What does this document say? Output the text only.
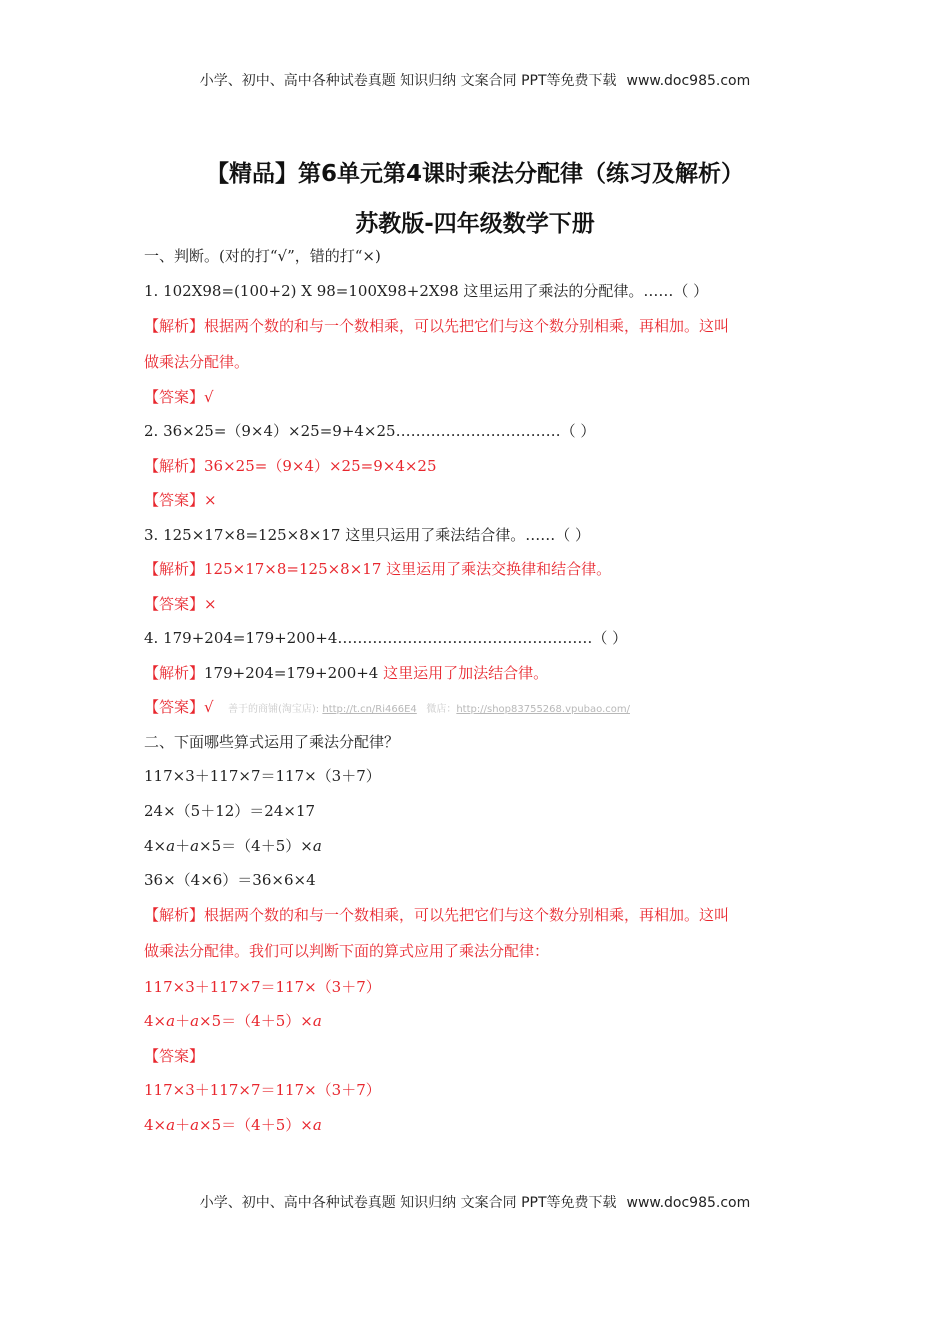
小学、初中、高中各种试卷真题 知识归纳 文案合同 PPT等免费下载 www.doc985.com
【精品】第6单元第4课时乘法分配律（练习及解析）
苏教版-四年级数学下册
一、判断。(对的打“√”，错的打“×)
1. 102X98=(100+2) X 98=100X98+2X98 这里运用了乘法的分配律。……（ ）
【解析】根据两个数的和与一个数相乘，可以先把它们与这个数分别相乘，再相加。这叫
做乘法分配律。
【答案】√
2. 36×25=（9×4）×25=9+4×25……………………………（ ）
【解析】36×25=（9×4）×25=9×4×25
【答案】×
3. 125×17×8=125×8×17 这里只运用了乘法结合律。……（ ）
【解析】125×17×8=125×8×17 这里运用了乘法交换律和结合律。
【答案】×
4. 179+204=179+200+4……………………………………………（ ）
【解析】179+204=179+200+4 这里运用了加法结合律。
【答案】√	善于的商铺(淘宝店): http://t.cn/Ri466E4 微店：http://shop83755268.vpubao.com/
二、下面哪些算式运用了乘法分配律？
117×3＋117×7＝117×（3＋7）
24×（5＋12）＝24×17
4×a＋a×5＝（4＋5）×a
36×（4×6）＝36×6×4
【解析】根据两个数的和与一个数相乘，可以先把它们与这个数分别相乘，再相加。这叫
做乘法分配律。我们可以判断下面的算式应用了乘法分配律：
117×3＋117×7＝117×（3＋7）
4×a＋a×5＝（4＋5）×a
【答案】
117×3＋117×7＝117×（3＋7）
4×a＋a×5＝（4＋5）×a
小学、初中、高中各种试卷真题 知识归纳 文案合同 PPT等免费下载 www.doc985.com
